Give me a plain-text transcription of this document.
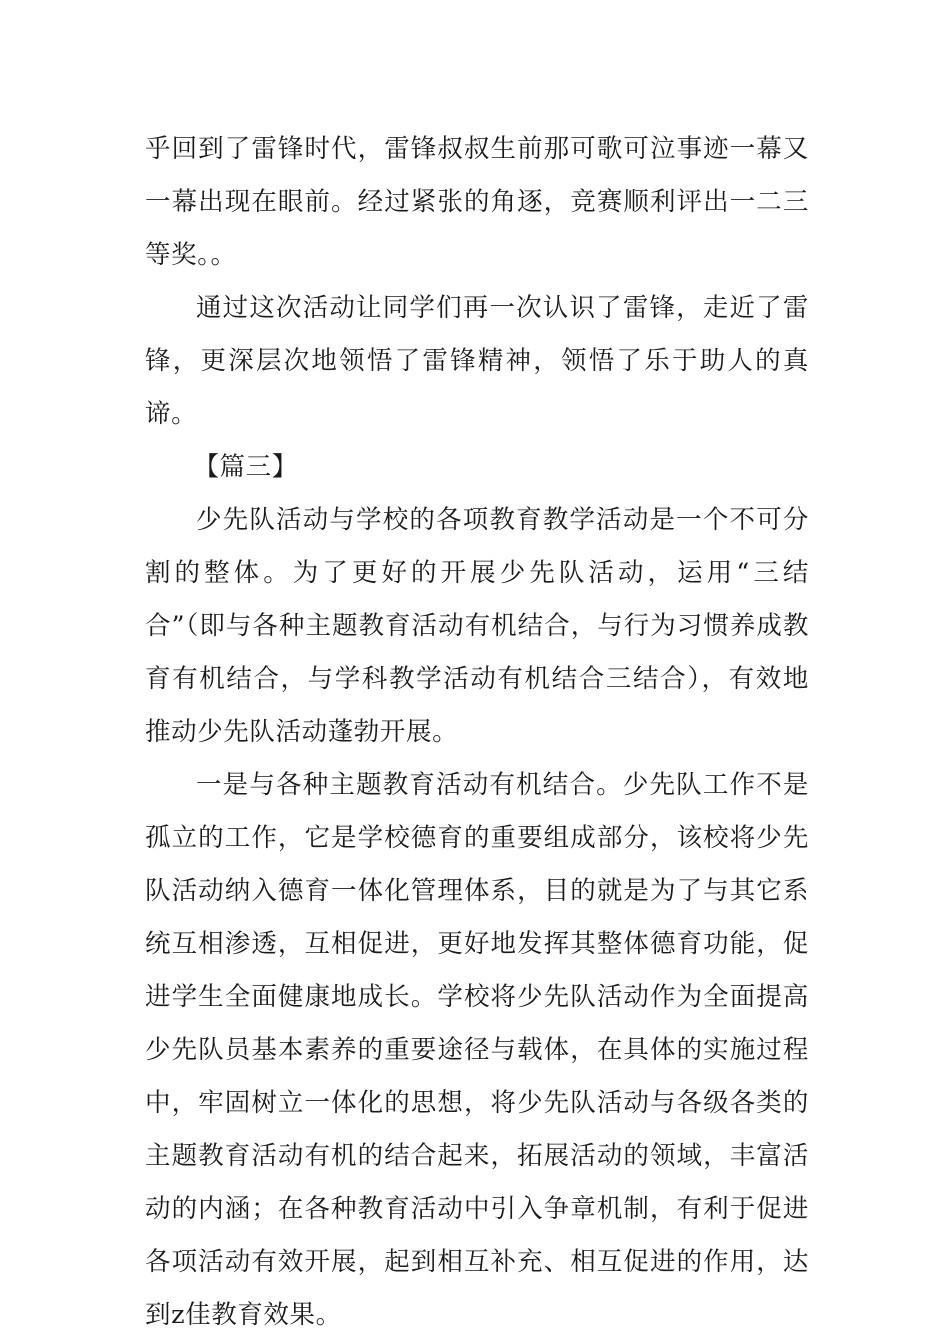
乎回到了雷锋时代，雷锋叔叔生前那可歌可泣事迹一幕又一幕出现在眼前。经过紧张的角逐，竞赛顺利评出一二三等奖。。

通过这次活动让同学们再一次认识了雷锋，走近了雷锋，更深层次地领悟了雷锋精神，领悟了乐于助人的真谛。

【篇三】

少先队活动与学校的各项教育教学活动是一个不可分割的整体。为了更好的开展少先队活动，运用“三结合”（即与各种主题教育活动有机结合，与行为习惯养成教育有机结合，与学科教学活动有机结合三结合），有效地推动少先队活动蓬勃开展。

一是与各种主题教育活动有机结合。少先队工作不是孤立的工作，它是学校德育的重要组成部分，该校将少先队活动纳入德育一体化管理体系，目的就是为了与其它系统互相渗透，互相促进，更好地发挥其整体德育功能，促进学生全面健康地成长。学校将少先队活动作为全面提高少先队员基本素养的重要途径与载体，在具体的实施过程中，牢固树立一体化的思想，将少先队活动与各级各类的主题教育活动有机的结合起来，拓展活动的领域，丰富活动的内涵；在各种教育活动中引入争章机制，有利于促进各项活动有效开展，起到相互补充、相互促进的作用，达到z佳教育效果。
